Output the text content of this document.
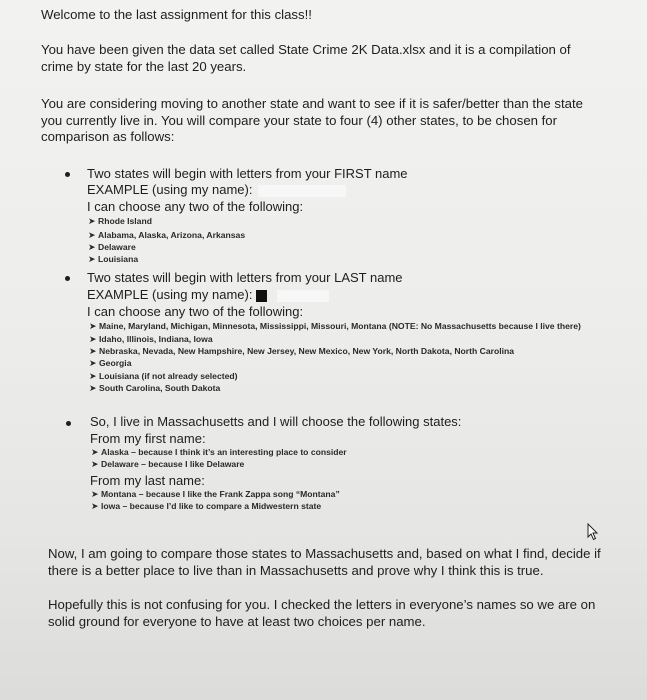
Welcome to the last assignment for this class!!

You have been given the data set called State Crime 2K Data.xlsx and it is a compilation of crime by state for the last 20 years.

You are considering moving to another state and want to see if it is safer/better than the state you currently live in. You will compare your state to four (4) other states, to be chosen for comparison as follows:

Two states will begin with letters from your FIRST name

EXAMPLE (using my name):

I can choose any two of the following:

➤ Rhode Island

➤ Alabama, Alaska, Arizona, Arkansas

➤ Delaware

➤ Louisiana

Two states will begin with letters from your LAST name

EXAMPLE (using my name):

I can choose any two of the following:

➤ Maine, Maryland, Michigan, Minnesota, Mississippi, Missouri, Montana (NOTE: No Massachusetts because I live there)

➤ Idaho, Illinois, Indiana, Iowa

➤ Nebraska, Nevada, New Hampshire, New Jersey, New Mexico, New York, North Dakota, North Carolina

➤ Georgia

➤ Louisiana (if not already selected)

➤ South Carolina, South Dakota

So, I live in Massachusetts and I will choose the following states:

From my first name:

➤ Alaska – because I think it’s an interesting place to consider

➤ Delaware – because I like Delaware

From my last name:

➤ Montana – because I like the Frank Zappa song “Montana”

➤ Iowa – because I’d like to compare a Midwestern state

Now, I am going to compare those states to Massachusetts and, based on what I find, decide if there is a better place to live than in Massachusetts and prove why I think this is true.

Hopefully this is not confusing for you. I checked the letters in everyone’s names so we are on solid ground for everyone to have at least two choices per name.
